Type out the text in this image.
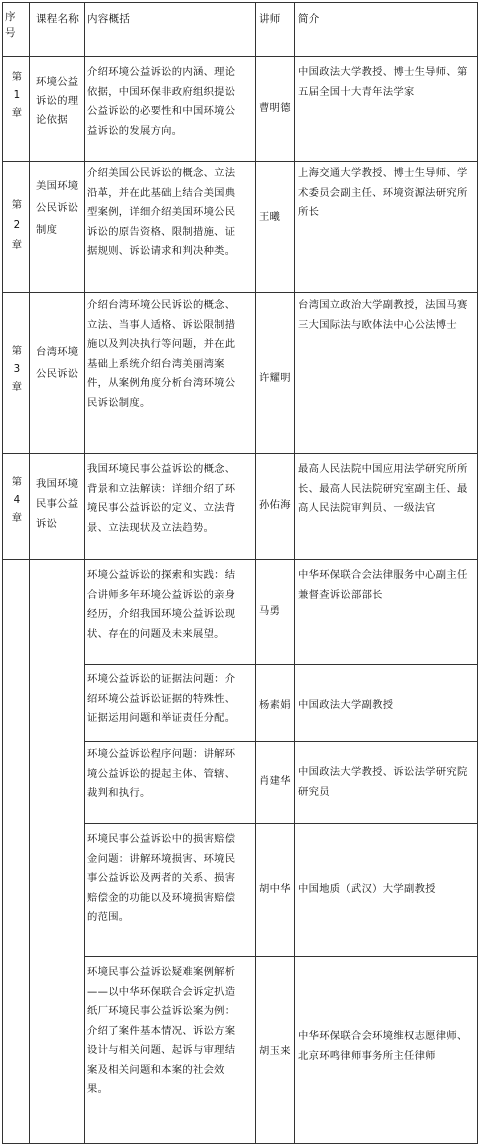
序
号
课程名称 内容概括	讲师	简介
第
1
章
环境公益
诉讼的理
论依据
介绍环境公益诉讼的内涵、理论
依据，中国环保非政府组织提讼
公益诉讼的必要性和中国环境公
益诉讼的发展方向。
曹明德
中国政法大学教授、博士生导师、第
五届全国十大青年法学家
第
2
章
美国环境
公民诉讼
制度
介绍美国公民诉讼的概念、立法
沿革，并在此基础上结合美国典
型案例，详细介绍美国环境公民
诉讼的原告资格、限制措施、证
据规则、诉讼请求和判决种类。
王曦
上海交通大学教授、博士生导师、学
术委员会副主任、环境资源法研究所
所长
第
3
章
台湾环境
公民诉讼
介绍台湾环境公民诉讼的概念、
立法、当事人适格、诉讼限制措
施以及判决执行等问题，并在此
基础上系统介绍台湾美丽湾案
件，从案例角度分析台湾环境公
民诉讼制度。
许耀明
台湾国立政治大学副教授，法国马赛
三大国际法与欧体法中心公法博士
第
4
章
我国环境
民事公益
诉讼
我国环境民事公益诉讼的概念、
背景和立法解读：详细介绍了环
境民事公益诉讼的定义、立法背
景、立法现状及立法趋势。
孙佑海
最高人民法院中国应用法学研究所所
长、最高人民法院研究室副主任、最
高人民法院审判员、一级法官
环境公益诉讼的探索和实践：结
合讲师多年环境公益诉讼的亲身
经历，介绍我国环境公益诉讼现
状、存在的问题及未来展望。
马勇
中华环保联合会法律服务中心副主任
兼督查诉讼部部长
环境公益诉讼的证据法问题：介
绍环境公益诉讼证据的特殊性、
证据运用问题和举证责任分配。
杨素娟 中国政法大学副教授
环境公益诉讼程序问题：讲解环
境公益诉讼的提起主体、管辖、
裁判和执行。
肖建华
中国政法大学教授、诉讼法学研究院
研究员
环境民事公益诉讼中的损害赔偿
金问题：讲解环境损害、环境民
事公益诉讼及两者的关系、损害
赔偿金的功能以及环境损害赔偿
的范围。
胡中华 中国地质（武汉）大学副教授
环境民事公益诉讼疑难案例解析
——以中华环保联合会诉定扒造
纸厂环境民事公益诉讼案为例：
介绍了案件基本情况、诉讼方案
设计与相关问题、起诉与审理结
案及相关问题和本案的社会效
果。
胡玉来
中华环保联合会环境维权志愿律师、
北京环鸣律师事务所主任律师
